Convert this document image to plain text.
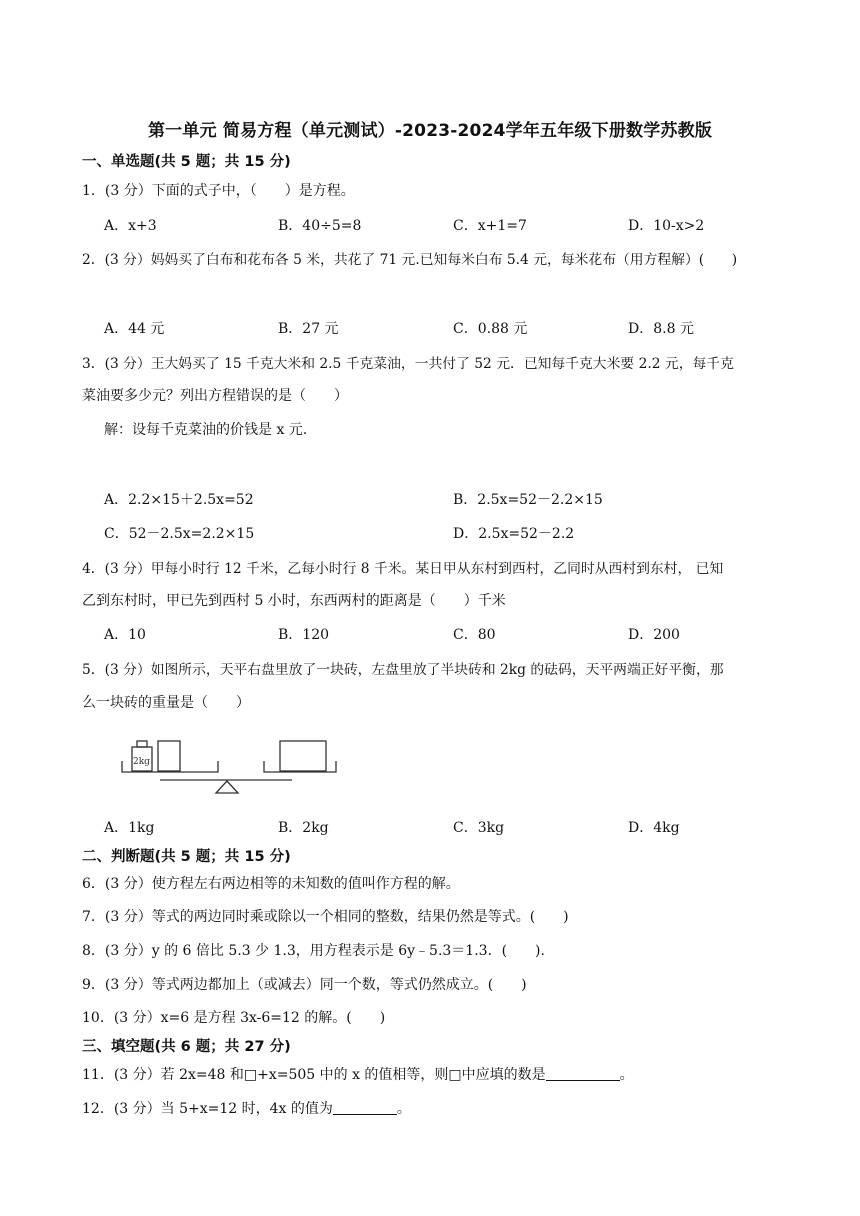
第一单元 简易方程（单元测试）-2023-2024学年五年级下册数学苏教版
一、单选题(共 5 题；共 15 分)
1．(3 分）下面的式子中，（　　）是方程。
A．x+3	B．40÷5=8	C．x+1=7	D．10-x>2
2．(3 分）妈妈买了白布和花布各 5 米，共花了 71 元.已知每米白布 5.4 元，每米花布（用方程解）(　　)
A．44 元	B．27 元	C．0.88 元	D．8.8 元
3．(3 分）王大妈买了 15 千克大米和 2.5 千克菜油，一共付了 52 元．已知每千克大米要 2.2 元，每千克
菜油要多少元？列出方程错误的是（　　）
解：设每千克菜油的价钱是 x 元.
A．2.2×15＋2.5x=52	B．2.5x=52－2.2×15
C．52－2.5x=2.2×15	D．2.5x=52－2.2
4．(3 分）甲每小时行 12 千米，乙每小时行 8 千米。某日甲从东村到西村，乙同时从西村到东村， 已知
乙到东村时，甲已先到西村 5 小时，东西两村的距离是（　　）千米
A．10	B．120	C．80	D．200
5．(3 分）如图所示，天平右盘里放了一块砖，左盘里放了半块砖和 2kg 的砝码，天平两端正好平衡，那
么一块砖的重量是（　　）
2kg
A．1kg	B．2kg	C．3kg	D．4kg
二、判断题(共 5 题；共 15 分)
6．(3 分）使方程左右两边相等的未知数的值叫作方程的解。
7．(3 分）等式的两边同时乘或除以一个相同的整数，结果仍然是等式。(　　)
8．(3 分）y 的 6 倍比 5.3 少 1.3，用方程表示是 6y﹣5.3＝1.3．(　　).
9．(3 分）等式两边都加上（或减去）同一个数，等式仍然成立。(　　)
10．(3 分）x=6 是方程 3x-6=12 的解。(　　)
三、填空题(共 6 题；共 27 分)
11．(3 分）若 2x=48 和□+x=505 中的 x 的值相等，则□中应填的数是	。
12．(3 分）当 5+x=12 时，4x 的值为	。
